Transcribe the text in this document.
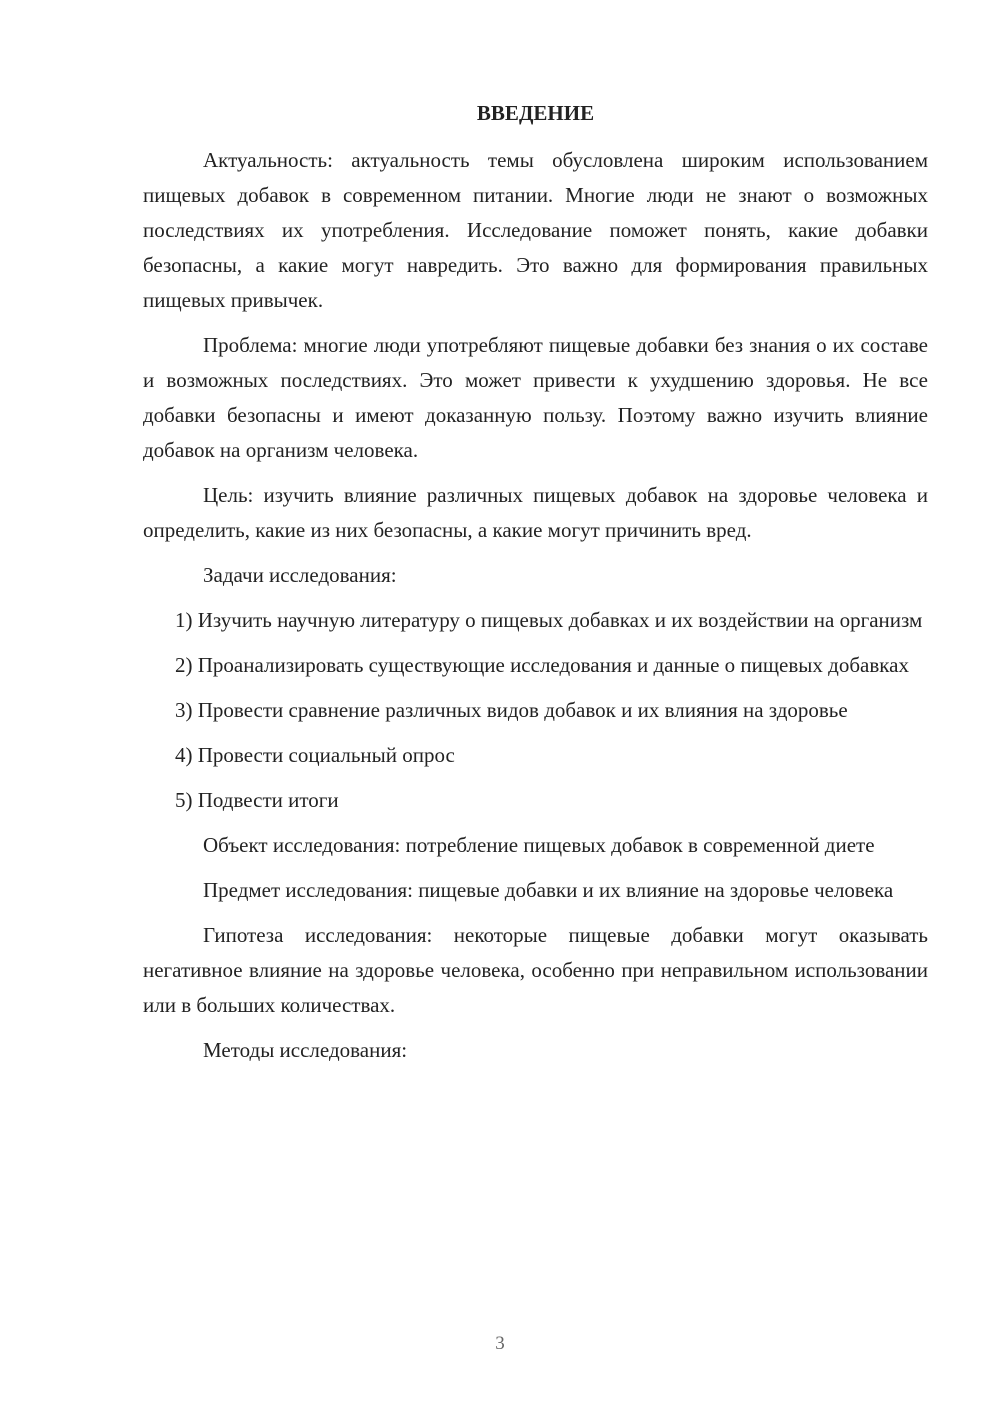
ВВЕДЕНИЕ

Актуальность: актуальность темы обусловлена широким использованием пищевых добавок в современном питании. Многие люди не знают о возможных последствиях их употребления. Исследование поможет понять, какие добавки безопасны, а какие могут навредить. Это важно для формирования правильных пищевых привычек.

Проблема: многие люди употребляют пищевые добавки без знания о их составе и возможных последствиях. Это может привести к ухудшению здоровья. Не все добавки безопасны и имеют доказанную пользу. Поэтому важно изучить влияние добавок на организм человека.

Цель: изучить влияние различных пищевых добавок на здоровье человека и определить, какие из них безопасны, а какие могут причинить вред.

Задачи исследования:

1) Изучить научную литературу о пищевых добавках и их воздействии на организм

2) Проанализировать существующие исследования и данные о пищевых добавках

3) Провести сравнение различных видов добавок и их влияния на здоровье

4) Провести социальный опрос

5) Подвести итоги

Объект исследования: потребление пищевых добавок в современной диете

Предмет исследования: пищевые добавки и их влияние на здоровье человека

Гипотеза исследования: некоторые пищевые добавки могут оказывать негативное влияние на здоровье человека, особенно при неправильном использовании или в больших количествах.

Методы исследования:

3
